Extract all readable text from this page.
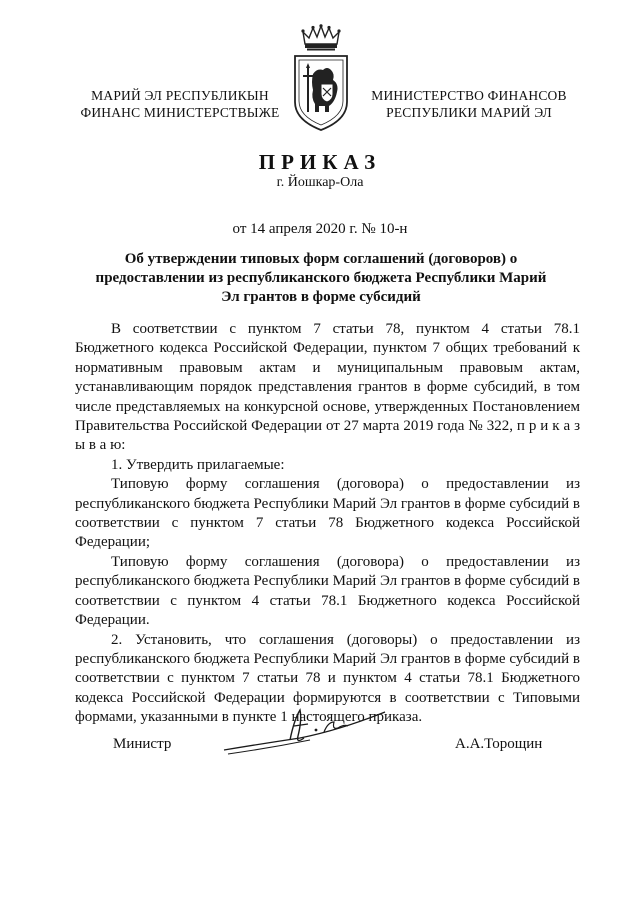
МАРИЙ ЭЛ РЕСПУБЛИКЫН
ФИНАНС МИНИСТЕРСТВЫЖЕ
МИНИСТЕРСТВО ФИНАНСОВ
РЕСПУБЛИКИ МАРИЙ ЭЛ
ПРИКАЗ
г. Йошкар-Ола
от 14 апреля 2020 г. № 10-н
Об утверждении типовых форм соглашений (договоров) о предоставлении из республиканского бюджета Республики Марий Эл грантов в форме субсидий

В соответствии с пунктом 7 статьи 78, пунктом 4 статьи 78.1 Бюджетного кодекса Российской Федерации, пунктом 7 общих требований к нормативным правовым актам и муниципальным правовым актам, устанавливающим порядок представления грантов в форме субсидий, в том числе представляемых на конкурсной основе, утвержденных Постановлением Правительства Российской Федерации от 27 марта 2019 года № 322, п р и к а з ы в а ю:

1. Утвердить прилагаемые:

Типовую форму соглашения (договора) о предоставлении из республиканского бюджета Республики Марий Эл грантов в форме субсидий в соответствии с пунктом 7 статьи 78 Бюджетного кодекса Российской Федерации;

Типовую форму соглашения (договора) о предоставлении из республиканского бюджета Республики Марий Эл грантов в форме субсидий в соответствии с пунктом 4 статьи 78.1 Бюджетного кодекса Российской Федерации.

2. Установить, что соглашения (договоры) о предоставлении из республиканского бюджета Республики Марий Эл грантов в форме субсидий в соответствии с пунктом 7 статьи 78 и пунктом 4 статьи 78.1 Бюджетного кодекса Российской Федерации формируются в соответствии с Типовыми формами, указанными в пункте 1 настоящего приказа.

Министр	А.А.Торощин
